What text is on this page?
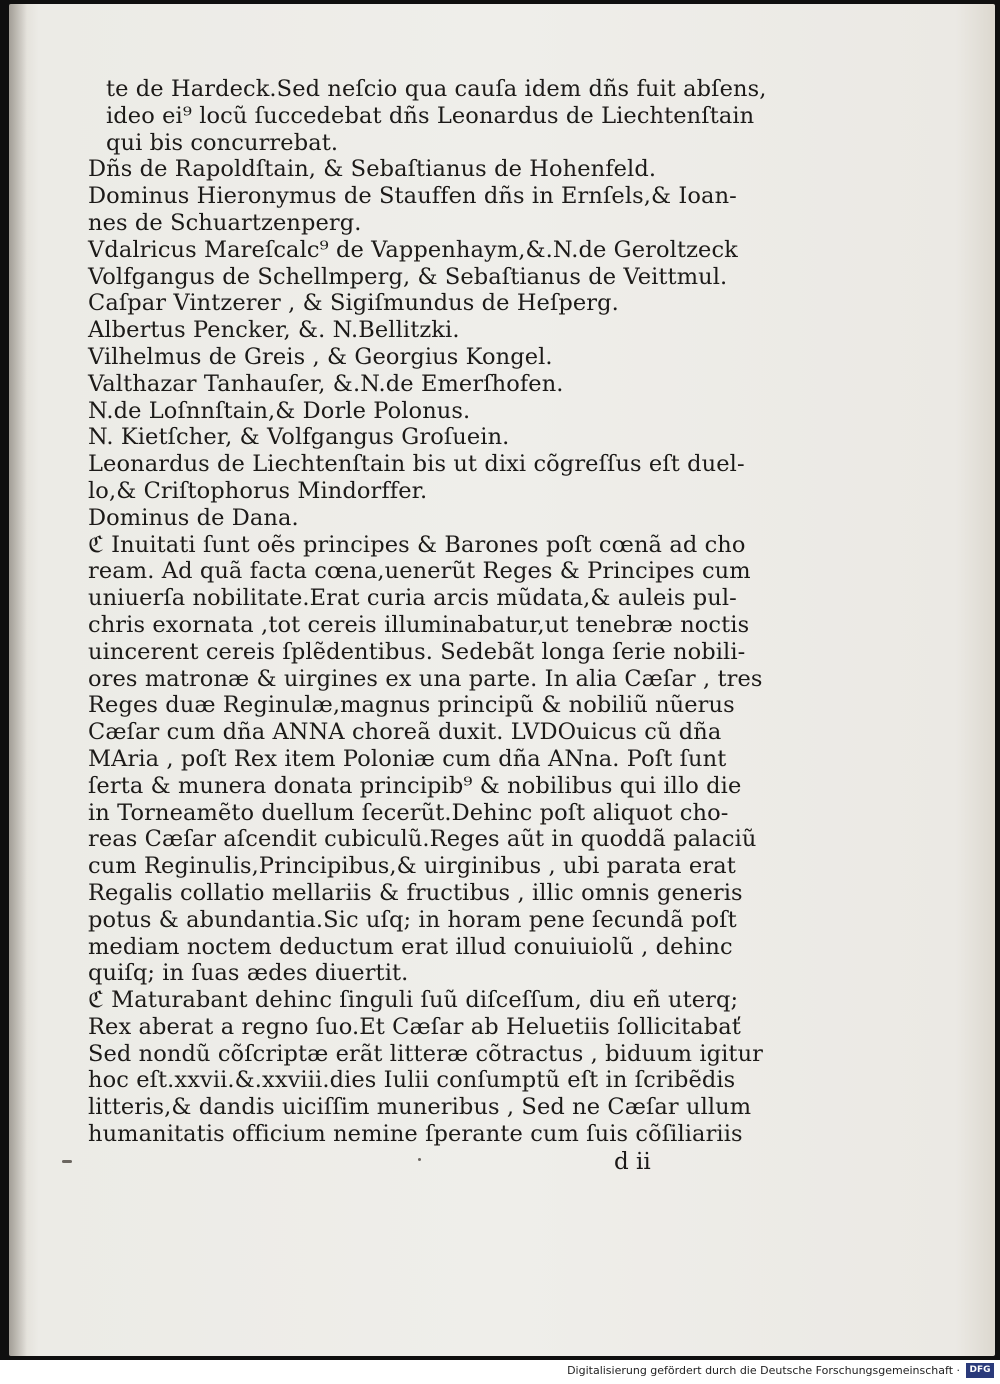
te de Hardeck.Sed neſcio qua cauſa idem dñs fuit abſens,
ideo ei⁹ locũ ſuccedebat dñs Leonardus de Liechtenſtain
qui bis concurrebat.
Dñs de Rapoldſtain, & Sebaſtianus de Hohenfeld.
Dominus Hieronymus de Stauffen dñs in Ernſels,& Ioan-
nes de Schuartzenperg.
Vdalricus Mareſcalc⁹ de Vappenhaym,&.N.de Geroltzeck
Volfgangus de Schellmperg, & Sebaſtianus de Veittmul.
Caſpar Vintzerer , & Sigiſmundus de Heſperg.
Albertus Pencker, &. N.Bellitzki.
Vilhelmus de Greis , & Georgius Kongel.
Valthazar Tanhauſer, &.N.de Emerſhofen.
N.de Loſnnſtain,& Dorle Polonus.
N. Kietſcher, & Volfgangus Groſuein.
Leonardus de Liechtenſtain bis ut dixi cõgreſſus eſt duel-
lo,& Criſtophorus Mindorffer.
Dominus de Dana.
ℭ Inuitati ſunt oẽs principes & Barones poſt cœnã ad cho
ream. Ad quã facta cœna,uenerũt Reges & Principes cum
uniuerſa nobilitate.Erat curia arcis mũdata,& auleis pul-
chris exornata ,tot cereis illuminabatur,ut tenebræ noctis
uincerent cereis ſplẽdentibus. Sedebãt longa ſerie nobili-
ores matronæ & uirgines ex una parte. In alia Cæſar , tres
Reges duæ Reginulæ,magnus principũ & nobiliũ nũerus
Cæſar cum dña ANNA choreã duxit. LVDOuicus cũ dña
MAria , poſt Rex item Poloniæ cum dña ANna. Poſt ſunt
ſerta & munera donata principib⁹ & nobilibus qui illo die
in Torneamẽto duellum ſecerũt.Dehinc poſt aliquot cho-
reas Cæſar aſcendit cubiculũ.Reges aũt in quoddã palaciũ
cum Reginulis,Principibus,& uirginibus , ubi parata erat
Regalis collatio mellariis & fructibus , illic omnis generis
potus & abundantia.Sic uſq; in horam pene ſecundã poſt
mediam noctem deductum erat illud conuiuiolũ , dehinc
quiſq; in ſuas ædes diuertit.
ℭ Maturabant dehinc ſinguli ſuũ diſceſſum, diu eñ uterq;
Rex aberat a regno ſuo.Et Cæſar ab Heluetiis ſollicitabať
Sed nondũ cõſcriptæ erãt litteræ cõtractus , biduum igitur
hoc eſt.xxvii.&.xxviii.dies Iulii conſumptũ eſt in ſcribẽdis
litteris,& dandis uiciſſim muneribus , Sed ne Cæſar ullum
humanitatis officium nemine ſperante cum ſuis cõſiliariis
d ii
Digitalisierung gefördert durch die Deutsche Forschungsgemeinschaft ·	DFG
